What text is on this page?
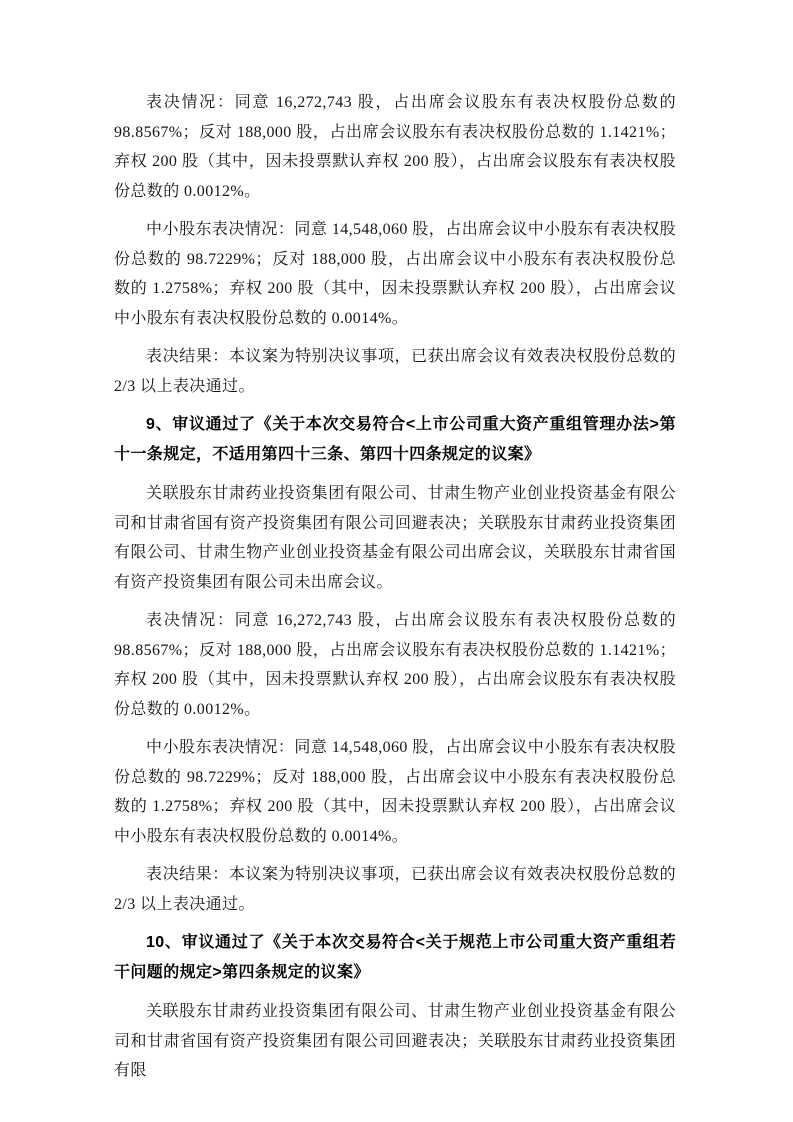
表决情况：同意 16,272,743 股，占出席会议股东有表决权股份总数的 98.8567%；反对 188,000 股，占出席会议股东有表决权股份总数的 1.1421%；弃权 200 股（其中，因未投票默认弃权 200 股），占出席会议股东有表决权股份总数的 0.0012%。

中小股东表决情况：同意 14,548,060 股，占出席会议中小股东有表决权股份总数的 98.7229%；反对 188,000 股，占出席会议中小股东有表决权股份总数的 1.2758%；弃权 200 股（其中，因未投票默认弃权 200 股），占出席会议中小股东有表决权股份总数的 0.0014%。

表决结果：本议案为特别决议事项，已获出席会议有效表决权股份总数的 2/3 以上表决通过。

9、审议通过了《关于本次交易符合<上市公司重大资产重组管理办法>第十一条规定，不适用第四十三条、第四十四条规定的议案》

关联股东甘肃药业投资集团有限公司、甘肃生物产业创业投资基金有限公司和甘肃省国有资产投资集团有限公司回避表决；关联股东甘肃药业投资集团有限公司、甘肃生物产业创业投资基金有限公司出席会议，关联股东甘肃省国有资产投资集团有限公司未出席会议。

表决情况：同意 16,272,743 股，占出席会议股东有表决权股份总数的 98.8567%；反对 188,000 股，占出席会议股东有表决权股份总数的 1.1421%；弃权 200 股（其中，因未投票默认弃权 200 股），占出席会议股东有表决权股份总数的 0.0012%。

中小股东表决情况：同意 14,548,060 股，占出席会议中小股东有表决权股份总数的 98.7229%；反对 188,000 股，占出席会议中小股东有表决权股份总数的 1.2758%；弃权 200 股（其中，因未投票默认弃权 200 股），占出席会议中小股东有表决权股份总数的 0.0014%。

表决结果：本议案为特别决议事项，已获出席会议有效表决权股份总数的 2/3 以上表决通过。

10、审议通过了《关于本次交易符合<关于规范上市公司重大资产重组若干问题的规定>第四条规定的议案》

关联股东甘肃药业投资集团有限公司、甘肃生物产业创业投资基金有限公司和甘肃省国有资产投资集团有限公司回避表决；关联股东甘肃药业投资集团有限
